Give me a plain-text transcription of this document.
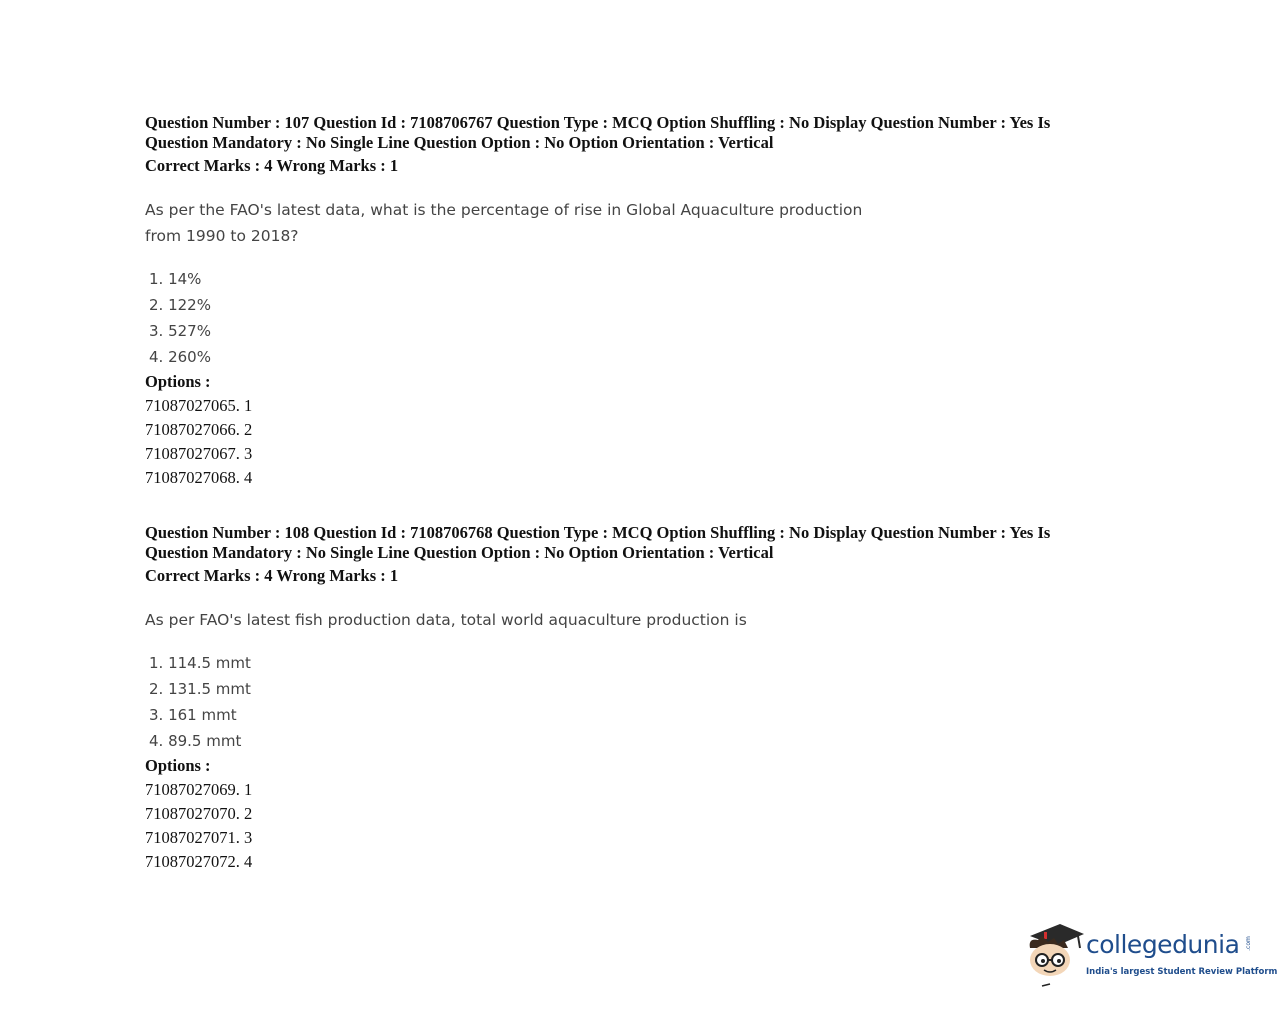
Question Number : 107 Question Id : 7108706767 Question Type : MCQ Option Shuffling : No Display Question Number : Yes Is
Question Mandatory : No Single Line Question Option : No Option Orientation : Vertical
Correct Marks : 4 Wrong Marks : 1
As per the FAO's latest data, what is the percentage of rise in Global Aquaculture production
from 1990 to 2018?
1. 14%
2. 122%
3. 527%
4. 260%
Options :
71087027065. 1
71087027066. 2
71087027067. 3
71087027068. 4
Question Number : 108 Question Id : 7108706768 Question Type : MCQ Option Shuffling : No Display Question Number : Yes Is
Question Mandatory : No Single Line Question Option : No Option Orientation : Vertical
Correct Marks : 4 Wrong Marks : 1
As per FAO's latest fish production data, total world aquaculture production is
1. 114.5 mmt
2. 131.5 mmt
3. 161 mmt
4. 89.5 mmt
Options :
71087027069. 1
71087027070. 2
71087027071. 3
71087027072. 4
collegedunia .com
India's largest Student Review Platform
